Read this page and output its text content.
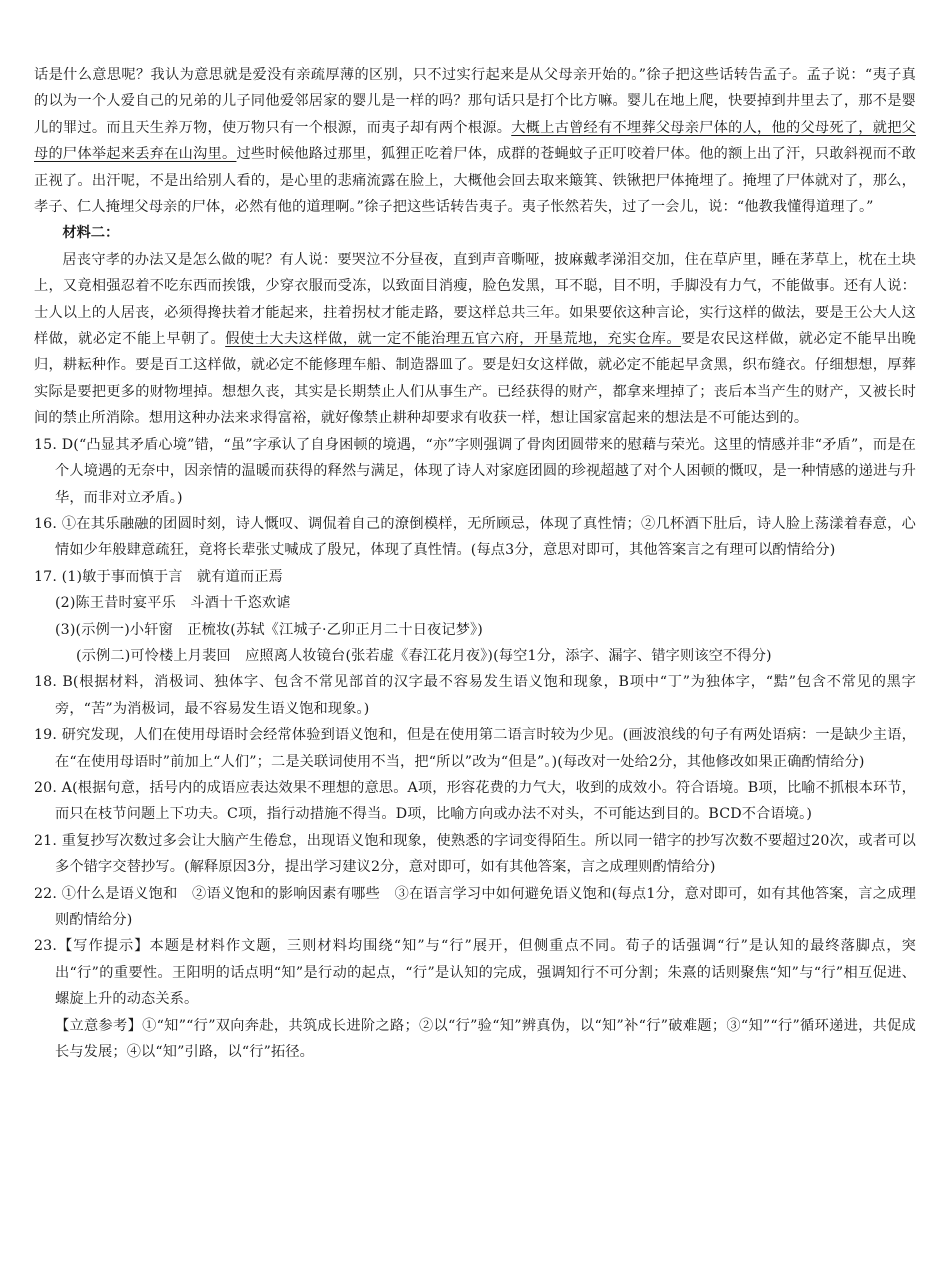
话是什么意思呢？我认为意思就是爱没有亲疏厚薄的区别，只不过实行起来是从父母亲开始的。”徐子把这些话转告孟子。孟子说：“夷子真的以为一个人爱自己的兄弟的儿子同他爱邻居家的婴儿是一样的吗？那句话只是打个比方嘛。婴儿在地上爬，快要掉到井里去了，那不是婴儿的罪过。而且天生养万物，使万物只有一个根源，而夷子却有两个根源。大概上古曾经有不埋葬父母亲尸体的人，他的父母死了，就把父母的尸体举起来丢弃在山沟里。过些时候他路过那里，狐狸正吃着尸体，成群的苍蝇蚊子正叮咬着尸体。他的额上出了汗，只敢斜视而不敢正视了。出汗呢，不是出给别人看的，是心里的悲痛流露在脸上，大概他会回去取来簸箕、铁锹把尸体掩埋了。掩埋了尸体就对了，那么，孝子、仁人掩埋父母亲的尸体，必然有他的道理啊。”徐子把这些话转告夷子。夷子怅然若失，过了一会儿，说：“他教我懂得道理了。”

材料二：

居丧守孝的办法又是怎么做的呢？有人说：要哭泣不分昼夜，直到声音嘶哑，披麻戴孝涕泪交加，住在草庐里，睡在茅草上，枕在土块上，又竟相强忍着不吃东西而挨饿，少穿衣服而受冻，以致面目消瘦，脸色发黑，耳不聪，目不明，手脚没有力气，不能做事。还有人说：士人以上的人居丧，必须得搀扶着才能起来，拄着拐杖才能走路，要这样总共三年。如果要依这种言论，实行这样的做法，要是王公大人这样做，就必定不能上早朝了。假使士大夫这样做，就一定不能治理五官六府，开垦荒地，充实仓库。要是农民这样做，就必定不能早出晚归，耕耘种作。要是百工这样做，就必定不能修理车船、制造器皿了。要是妇女这样做，就必定不能起早贪黑，织布缝衣。仔细想想，厚葬实际是要把更多的财物埋掉。想想久丧，其实是长期禁止人们从事生产。已经获得的财产，都拿来埋掉了；丧后本当产生的财产，又被长时间的禁止所消除。想用这种办法来求得富裕，就好像禁止耕种却要求有收获一样，想让国家富起来的想法是不可能达到的。

15. D(“凸显其矛盾心境”错，“虽”字承认了自身困顿的境遇，“亦”字则强调了骨肉团圆带来的慰藉与荣光。这里的情感并非“矛盾”，而是在个人境遇的无奈中，因亲情的温暖而获得的释然与满足，体现了诗人对家庭团圆的珍视超越了对个人困顿的慨叹，是一种情感的递进与升华，而非对立矛盾。)

16. ①在其乐融融的团圆时刻，诗人慨叹、调侃着自己的潦倒模样，无所顾忌，体现了真性情；②几杯酒下肚后，诗人脸上荡漾着春意，心情如少年般肆意疏狂，竟将长辈张丈喊成了殷兄，体现了真性情。(每点3分，意思对即可，其他答案言之有理可以酌情给分)

17. (1)敏于事而慎于言　就有道而正焉

(2)陈王昔时宴平乐　斗酒十千恣欢谑

(3)(示例一)小轩窗　正梳妆(苏轼《江城子·乙卯正月二十日夜记梦》)

(示例二)可怜楼上月裴回　应照离人妆镜台(张若虚《春江花月夜》)(每空1分，添字、漏字、错字则该空不得分)

18. B(根据材料，消极词、独体字、包含不常见部首的汉字最不容易发生语义饱和现象，B项中“丁”为独体字，“黠”包含不常见的黑字旁，“苦”为消极词，最不容易发生语义饱和现象。)

19. 研究发现，人们在使用母语时会经常体验到语义饱和，但是在使用第二语言时较为少见。(画波浪线的句子有两处语病：一是缺少主语，在“在使用母语时”前加上“人们”；二是关联词使用不当，把“所以”改为“但是”。)(每改对一处给2分，其他修改如果正确酌情给分)

20. A(根据句意，括号内的成语应表达效果不理想的意思。A项，形容花费的力气大，收到的成效小。符合语境。B项，比喻不抓根本环节，而只在枝节问题上下功夫。C项，指行动措施不得当。D项，比喻方向或办法不对头，不可能达到目的。BCD不合语境。)

21. 重复抄写次数过多会让大脑产生倦怠，出现语义饱和现象，使熟悉的字词变得陌生。所以同一错字的抄写次数不要超过20次，或者可以多个错字交替抄写。(解释原因3分，提出学习建议2分，意对即可，如有其他答案，言之成理则酌情给分)

22. ①什么是语义饱和　②语义饱和的影响因素有哪些　③在语言学习中如何避免语义饱和(每点1分，意对即可，如有其他答案，言之成理则酌情给分)

23.【写作提示】本题是材料作文题，三则材料均围绕“知”与“行”展开，但侧重点不同。荀子的话强调“行”是认知的最终落脚点，突出“行”的重要性。王阳明的话点明“知”是行动的起点，“行”是认知的完成，强调知行不可分割；朱熹的话则聚焦“知”与“行”相互促进、螺旋上升的动态关系。

【立意参考】①“知”“行”双向奔赴，共筑成长进阶之路；②以“行”验“知”辨真伪，以“知”补“行”破难题；③“知”“行”循环递进，共促成长与发展；④以“知”引路，以“行”拓径。
